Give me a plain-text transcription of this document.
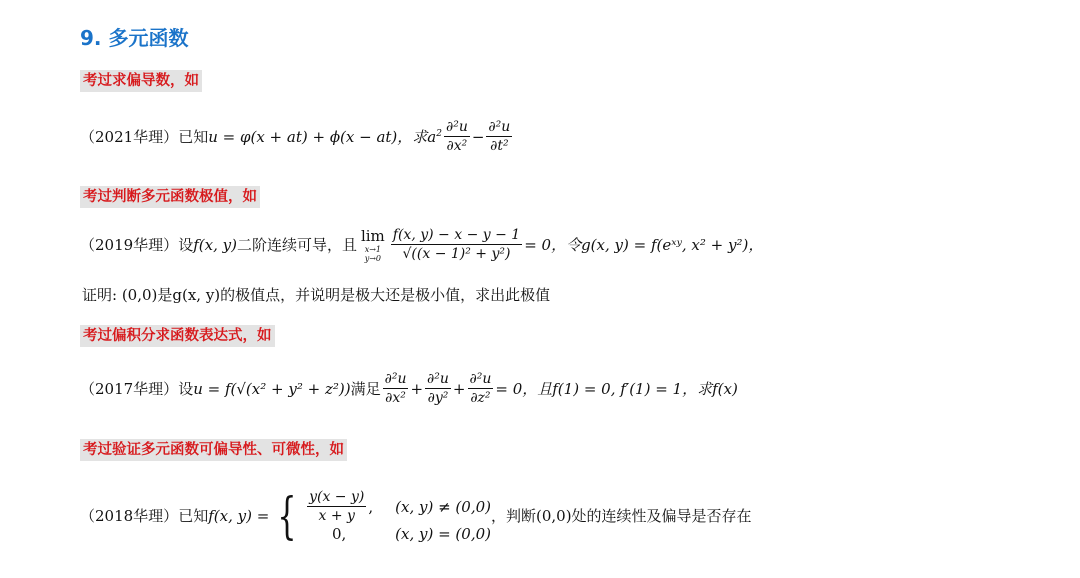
9. 多元函数
考过求偏导数，如
（2021华理） 已知 u = φ(x + at) + ϕ(x − at)，求 $a^2 \frac{\text{∂²u}}{\text{∂x²}} - \frac{\text{∂²u}}{\text{∂t²}}$
考过判断多元函数极值，如
（2019华理） 设 f(x, y) 二阶连续可导，且
lim
x→1
$y\to 0 \frac{f(x, y) - x - y - 1}{\text{√((x − 1)² + y²)}} = 0$，令g(x, y) = f(eˣʸ, x² + y²)，
证明: (0,0)是g(x, y)的极值点，并说明是极大还是极小值，求出此极值
考过偏积分求函数表达式，如
（2017华理） 设 u = f(√(x² + y² + z²)) 满足 $\frac{\text{∂²u}}{\text{∂x²}} + \frac{\text{∂²u}}{\text{∂y²}} + \frac{\text{∂²u}}{\text{∂z²}} = 0$，且f(1) = 0, f′(1) = 1，求f(x)
考过验证多元函数可偏导性、可微性，如
（2018华理） 已知 f(x, y) = { $\frac{y(x - y)}{x + y}$ , (x, y) ≠ (0,0)
0,	(x, y) = (0,0)
，判断(0,0)处的连续性及偏导是否存在
